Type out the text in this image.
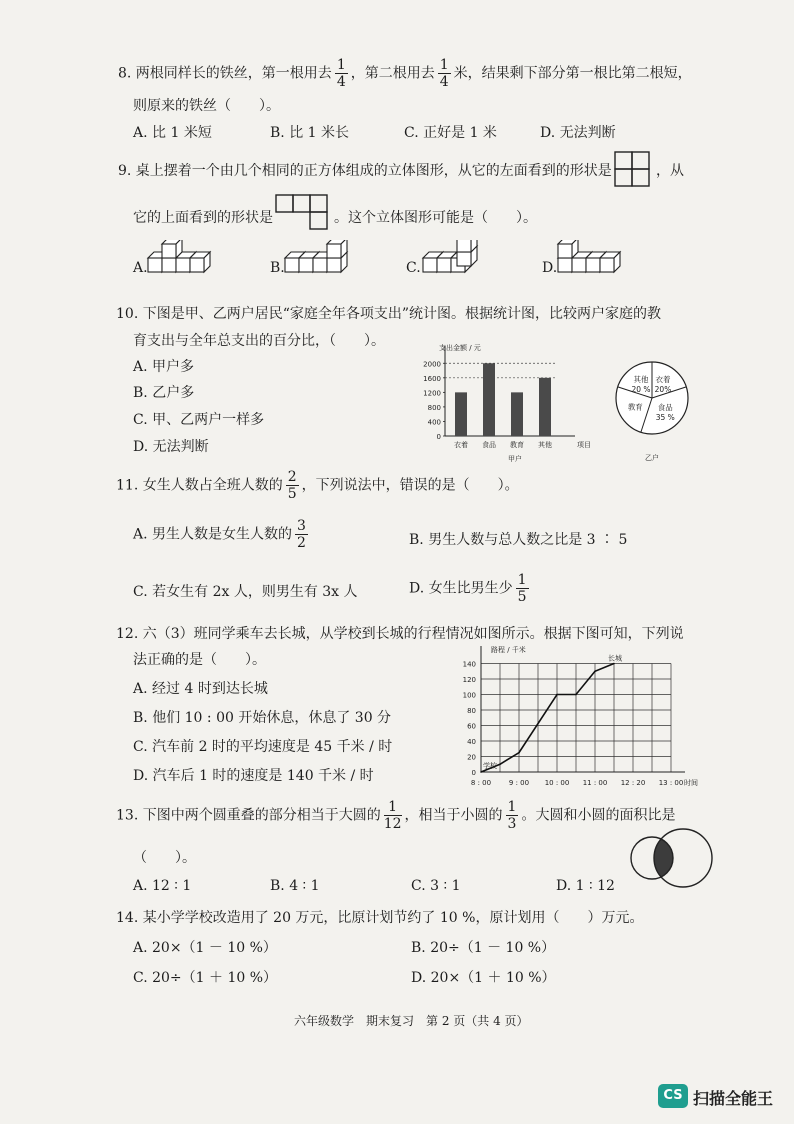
8. 两根同样长的铁丝，第一根用去 $\frac{1}{4}$ ，第二根用去 $\frac{1}{4}$ 米，结果剩下部分第一根比第二根短，
则原来的铁丝（　　）。
A. 比 1 米短	B. 比 1 米长	C. 正好是 1 米	D. 无法判断
9. 桌上摆着一个由几个相同的正方体组成的立体图形，从它的左面看到的形状是	，从
它的上面看到的形状是	。这个立体图形可能是（　　）。
A.	B.	C.	D.
10. 下图是甲、乙两户居民“家庭全年各项支出”统计图。根据统计图，比较两户家庭的教
育支出与全年总支出的百分比，（　　）。
A. 甲户多
B. 乙户多
C. 甲、乙两户一样多
D. 无法判断
支出金额 / 元
0
400
800
1200
1600
2000
衣着 食品 教育 其他	项目
甲户
衣着
20%
食品
35 %
教育
其他
20 %
乙户
11. 女生人数占全班人数的 $\frac{2}{5}$ ，下列说法中，错误的是（　　）。
A. 男生人数是女生人数的 $\frac{3}{2}$	B. 男生人数与总人数之比是 3 ∶ 5
C. 若女生有 2x 人，则男生有 3x 人	D. 女生比男生少 $\frac{1}{5}$
12. 六（3）班同学乘车去长城，从学校到长城的行程情况如图所示。根据下图可知，下列说
法正确的是（　　）。
A. 经过 4 时到达长城
B. 他们 10 : 00 开始休息，休息了 30 分
C. 汽车前 2 时的平均速度是 45 千米 / 时
D. 汽车后 1 时的速度是 140 千米 / 时	0
20
40
60
80
100
120
140
路程 / 千米
8 : 00	9 : 00 10 : 00 11 : 00 12 : 20 13 : 00 时间
学校
长城
13. 下图中两个圆重叠的部分相当于大圆的 $\frac{1}{12}$ ，相当于小圆的 $\frac{1}{3}$ 。大圆和小圆的面积比是
（　　）。
A. 12 ∶ 1	B. 4 ∶ 1	C. 3 ∶ 1	D. 1 ∶ 12
14. 某小学学校改造用了 20 万元，比原计划节约了 10 %，原计划用（　　）万元。
A. 20×（1 － 10 %）	B. 20÷（1 － 10 %）
C. 20÷（1 ＋ 10 %）	D. 20×（1 ＋ 10 %）
六年级数学　期末复习　第 2 页（共 4 页）
CS 扫描全能王
